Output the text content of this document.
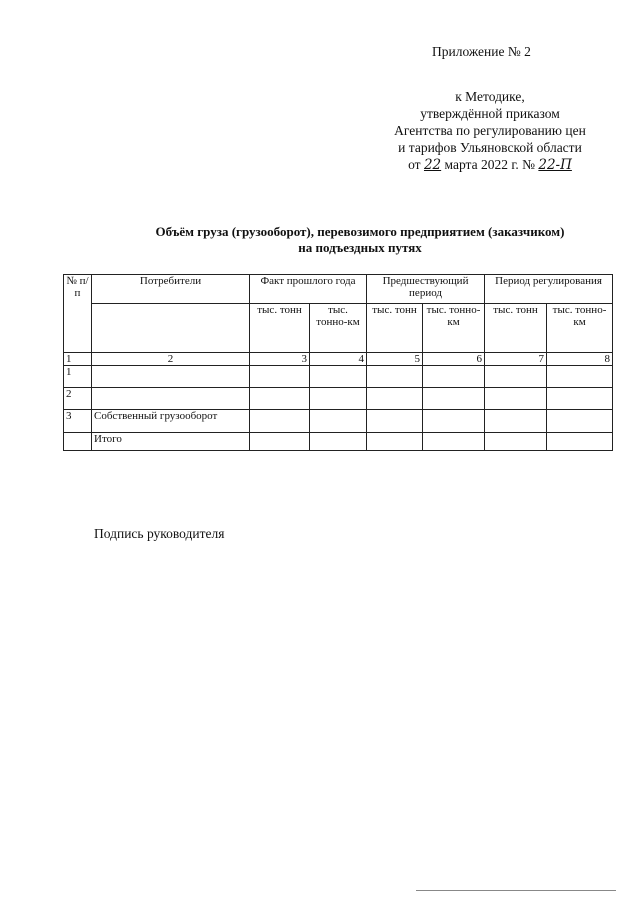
Приложение № 2
к Методике,
утверждённой приказом
Агентства по регулированию цен
и тарифов Ульяновской области
от 22 марта 2022 г. № 22-П
Объём груза (грузооборот), перевозимого предприятием (заказчиком)
на подъездных путях
№ п/п	Потребители	Факт прошлого года		Предшествующий период		Период регулирования	
		тыс. тонн	тыс. тонно-км	тыс. тонн	тыс. тонно-км	тыс. тонн	тыс. тонно-км
1	2	3	4	5	6	7	8
1							
2							
3	Собственный грузооборот						
	Итого						
Подпись руководителя
